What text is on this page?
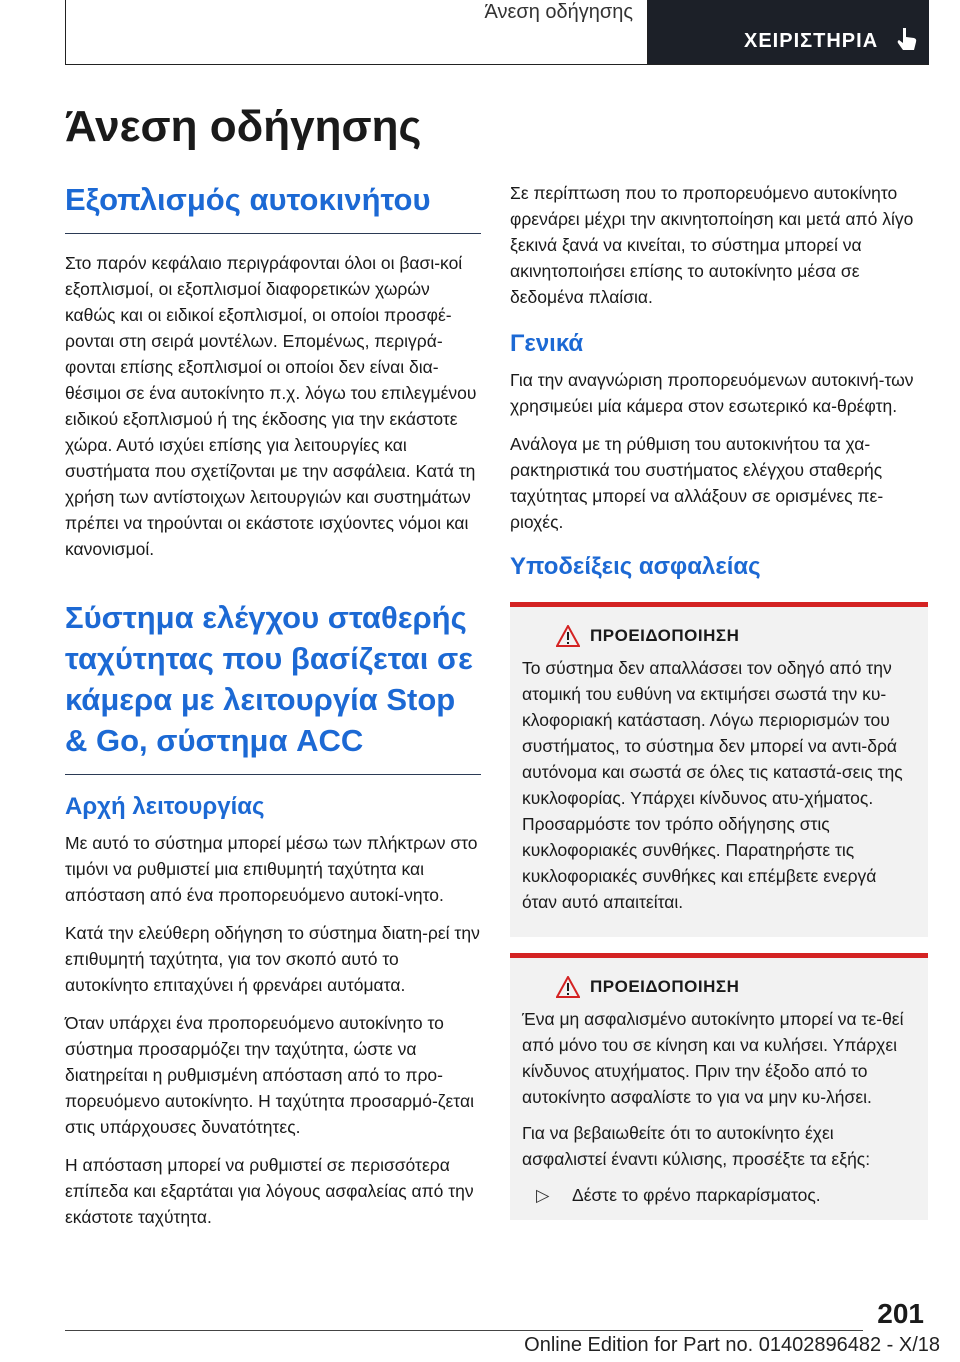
Άνεση οδήγησης
ΧΕΙΡΙΣΤΗΡΙΑ
Άνεση οδήγησης
Εξοπλισμός αυτοκινήτου

Στο παρόν κεφάλαιο περιγράφονται όλοι οι βασι-κοί εξοπλισμοί, οι εξοπλισμοί διαφορετικών χωρών καθώς και οι ειδικοί εξοπλισμοί, οι οποίοι προσφέ-ρονται στη σειρά μοντέλων. Επομένως, περιγρά-φονται επίσης εξοπλισμοί οι οποίοι δεν είναι δια-θέσιμοι σε ένα αυτοκίνητο π.χ. λόγω του επιλεγμένου ειδικού εξοπλισμού ή της έκδοσης για την εκάστοτε χώρα. Αυτό ισχύει επίσης για λειτουργίες και συστήματα που σχετίζονται με την ασφάλεια. Κατά τη χρήση των αντίστοιχων λειτουργιών και συστημάτων πρέπει να τηρούνται οι εκάστοτε ισχύοντες νόμοι και κανονισμοί.

Σύστημα ελέγχου σταθερής ταχύτητας που βασίζεται σε κάμερα με λειτουργία Stop & Go, σύστημα ACC
Αρχή λειτουργίας

Με αυτό το σύστημα μπορεί μέσω των πλήκτρων στο τιμόνι να ρυθμιστεί μια επιθυμητή ταχύτητα και απόσταση από ένα προπορευόμενο αυτοκί-νητο.

Κατά την ελεύθερη οδήγηση το σύστημα διατη-ρεί την επιθυμητή ταχύτητα, για τον σκοπό αυτό το αυτοκίνητο επιταχύνει ή φρενάρει αυτόματα.

Όταν υπάρχει ένα προπορευόμενο αυτοκίνητο το σύστημα προσαρμόζει την ταχύτητα, ώστε να διατηρείται η ρυθμισμένη απόσταση από το προ-πορευόμενο αυτοκίνητο. Η ταχύτητα προσαρμό-ζεται στις υπάρχουσες δυνατότητες.

Η απόσταση μπορεί να ρυθμιστεί σε περισσότερα επίπεδα και εξαρτάται για λόγους ασφαλείας από την εκάστοτε ταχύτητα.

Σε περίπτωση που το προπορευόμενο αυτοκίνητο φρενάρει μέχρι την ακινητοποίηση και μετά από λίγο ξεκινά ξανά να κινείται, το σύστημα μπορεί να ακινητοποιήσει επίσης το αυτοκίνητο μέσα σε δεδομένα πλαίσια.

Γενικά

Για την αναγνώριση προπορευόμενων αυτοκινή-των χρησιμεύει μία κάμερα στον εσωτερικό κα-θρέφτη.

Ανάλογα με τη ρύθμιση του αυτοκινήτου τα χα-ρακτηριστικά του συστήματος ελέγχου σταθερής ταχύτητας μπορεί να αλλάξουν σε ορισμένες πε-ριοχές.

Υποδείξεις ασφαλείας
ΠΡΟΕΙΔΟΠΟΙΗΣΗ

Το σύστημα δεν απαλλάσσει τον οδηγό από την ατομική του ευθύνη να εκτιμήσει σωστά την κυ-κλοφοριακή κατάσταση. Λόγω περιορισμών του συστήματος, το σύστημα δεν μπορεί να αντι-δρά αυτόνομα και σωστά σε όλες τις καταστά-σεις της κυκλοφορίας. Υπάρχει κίνδυνος ατυ-χήματος. Προσαρμόστε τον τρόπο οδήγησης στις κυκλοφοριακές συνθήκες. Παρατηρήστε τις κυκλοφοριακές συνθήκες και επέμβετε ενεργά όταν αυτό απαιτείται.

ΠΡΟΕΙΔΟΠΟΙΗΣΗ

Ένα μη ασφαλισμένο αυτοκίνητο μπορεί να τε-θεί από μόνο του σε κίνηση και να κυλήσει. Υπάρχει κίνδυνος ατυχήματος. Πριν την έξοδο από το αυτοκίνητο ασφαλίστε το για να μην κυ-λήσει.

Για να βεβαιωθείτε ότι το αυτοκίνητο έχει ασφαλιστεί έναντι κύλισης, προσέξτε τα εξής:

▷	Δέστε το φρένο παρκαρίσματος.
201
Online Edition for Part no. 01402896482 - X/18
